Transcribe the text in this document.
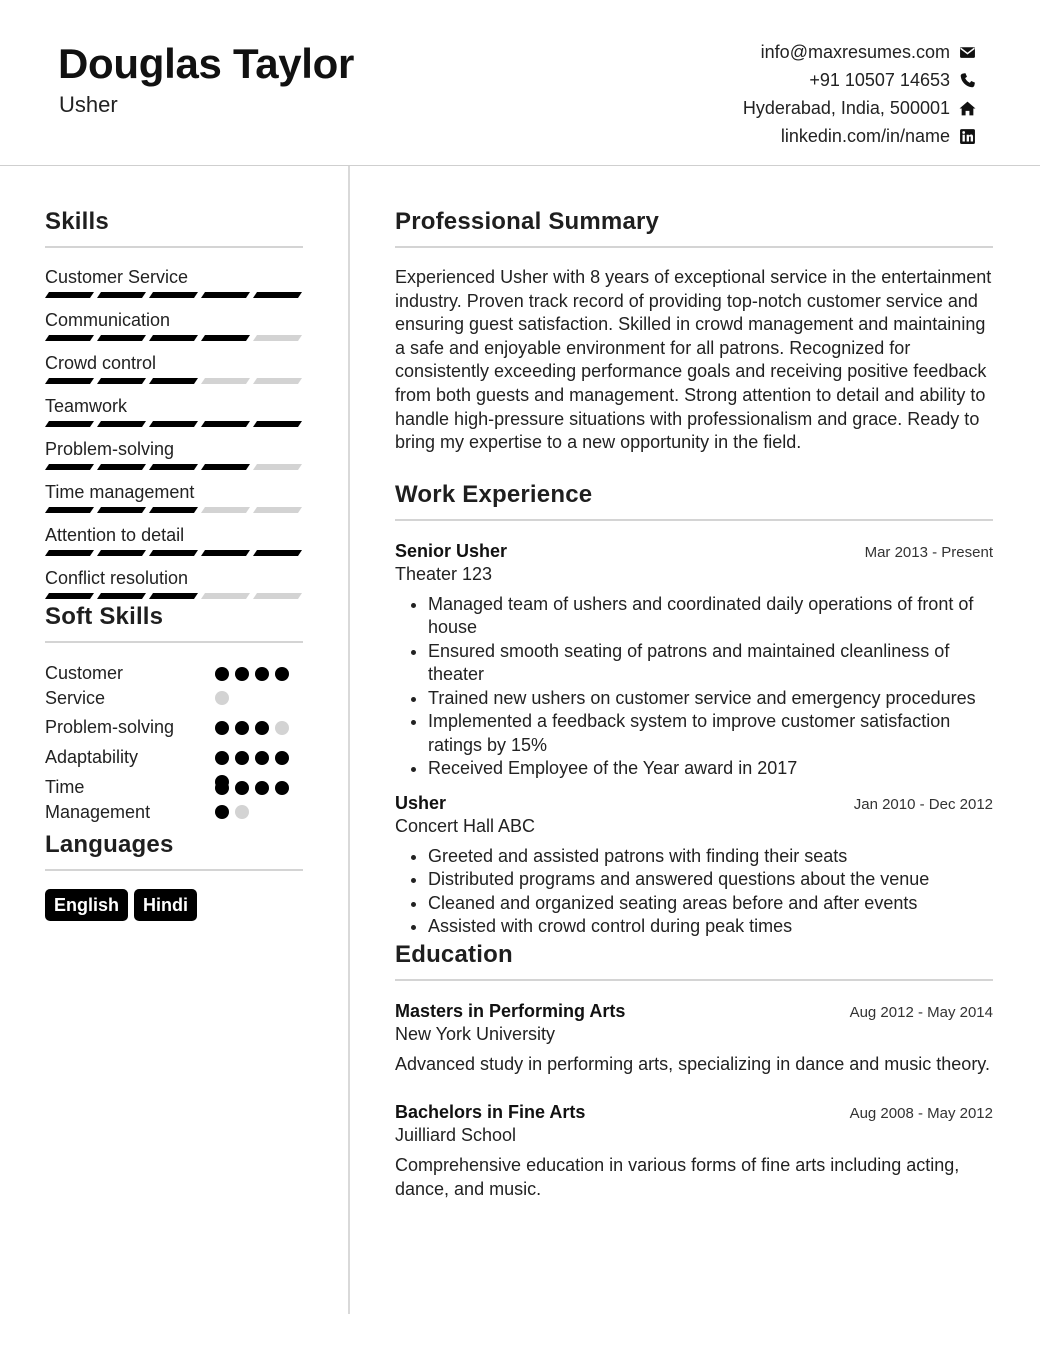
Douglas Taylor
Usher
info@maxresumes.com
+91 10507 14653
Hyderabad, India, 500001
linkedin.com/in/name
Skills
Customer Service
Communication
Crowd control
Teamwork
Problem-solving
Time management
Attention to detail
Conflict resolution
Soft Skills
Customer Service
Problem-solving
Adaptability
Time Management
Languages
English	Hindi
Professional Summary

Experienced Usher with 8 years of exceptional service in the entertainment industry. Proven track record of providing top-notch customer service and ensuring guest satisfaction. Skilled in crowd management and maintaining a safe and enjoyable environment for all patrons. Recognized for consistently exceeding performance goals and receiving positive feedback from both guests and management. Strong attention to detail and ability to handle high-pressure situations with professionalism and grace. Ready to bring my expertise to a new opportunity in the field.

Work Experience
Senior Usher	Mar 2013 - Present
Theater 123
• Managed team of ushers and coordinated daily operations of front of house
• Ensured smooth seating of patrons and maintained cleanliness of theater
• Trained new ushers on customer service and emergency procedures
• Implemented a feedback system to improve customer satisfaction ratings by 15%
• Received Employee of the Year award in 2017
Usher	Jan 2010 - Dec 2012
Concert Hall ABC
• Greeted and assisted patrons with finding their seats
• Distributed programs and answered questions about the venue
• Cleaned and organized seating areas before and after events
• Assisted with crowd control during peak times
Education
Masters in Performing Arts	Aug 2012 - May 2014
New York University

Advanced study in performing arts, specializing in dance and music theory.

Bachelors in Fine Arts	Aug 2008 - May 2012
Juilliard School

Comprehensive education in various forms of fine arts including acting, dance, and music.
